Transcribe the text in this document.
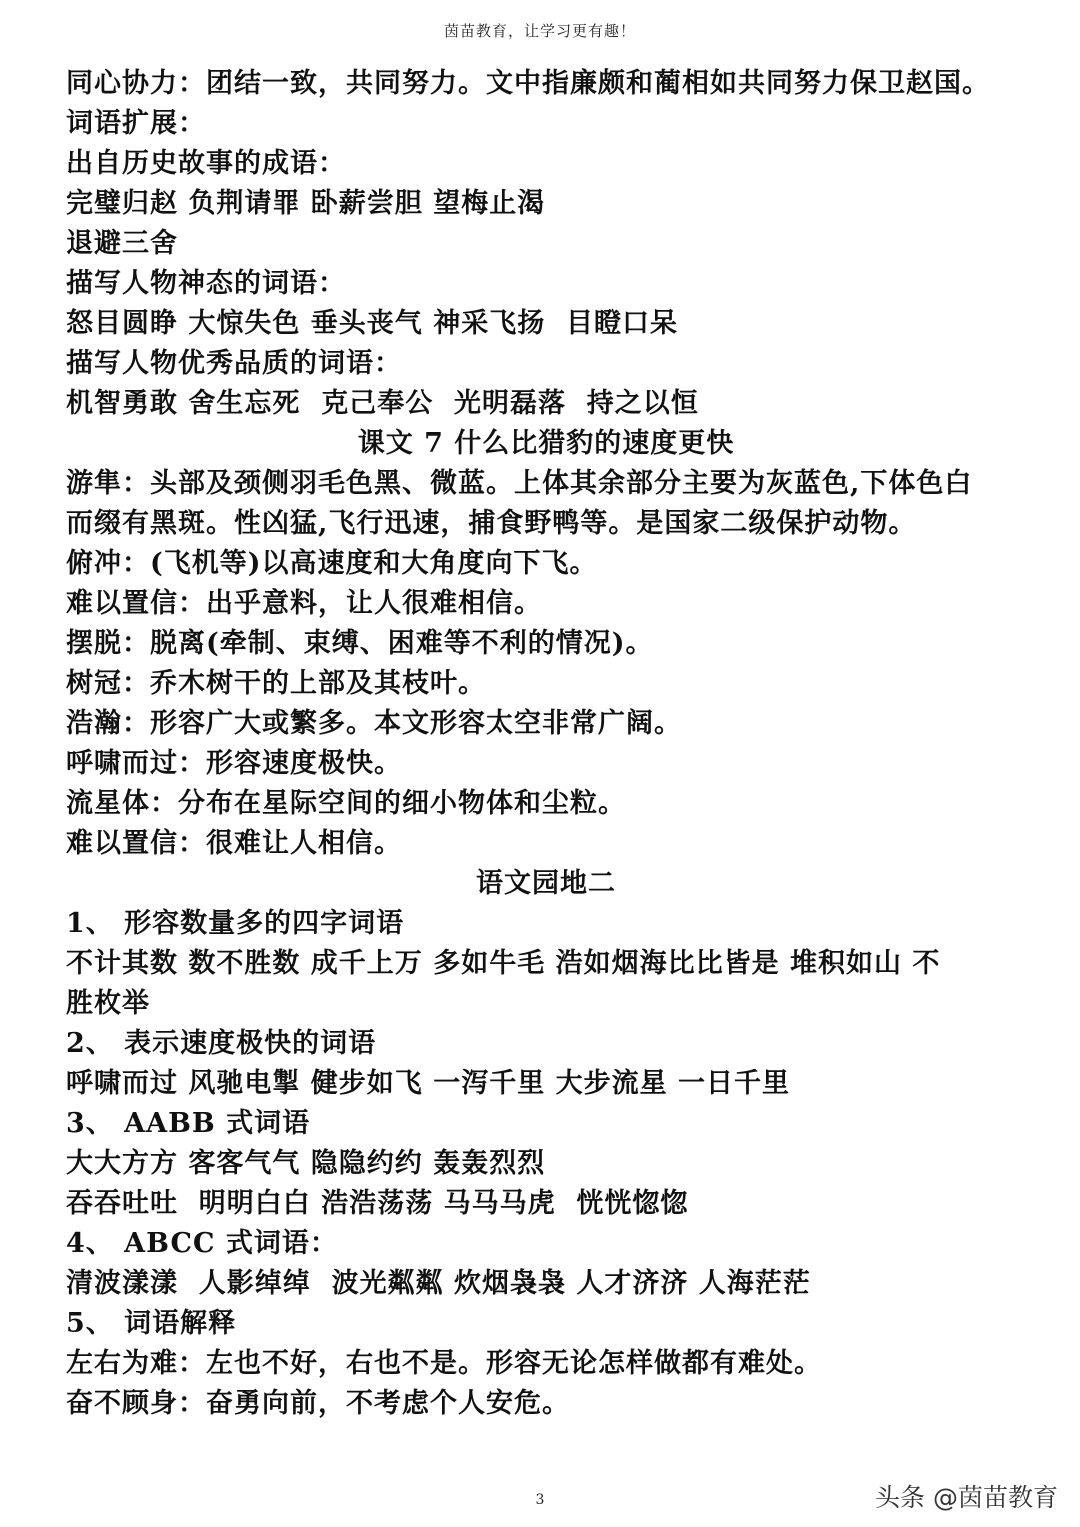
茵苗教育，让学习更有趣！

同心协力：团结一致，共同努力。文中指廉颇和蔺相如共同努力保卫赵国。

词语扩展：

出自历史故事的成语：

完璧归赵 负荆请罪 卧薪尝胆 望梅止渴

退避三舍

描写人物神态的词语：

怒目圆睁 大惊失色 垂头丧气 神采飞扬  目瞪口呆

描写人物优秀品质的词语：

机智勇敢 舍生忘死  克己奉公  光明磊落  持之以恒

课文 7 什么比猎豹的速度更快

游隼：头部及颈侧羽毛色黑、微蓝。上体其余部分主要为灰蓝色,下体色白

而缀有黑斑。性凶猛,飞行迅速，捕食野鸭等。是国家二级保护动物。

俯冲：(飞机等)以高速度和大角度向下飞。

难以置信：出乎意料，让人很难相信。

摆脱：脱离(牵制、束缚、困难等不利的情况)。

树冠：乔木树干的上部及其枝叶。

浩瀚：形容广大或繁多。本文形容太空非常广阔。

呼啸而过：形容速度极快。

流星体：分布在星际空间的细小物体和尘粒。

难以置信：很难让人相信。

语文园地二

1、 形容数量多的四字词语

不计其数 数不胜数 成千上万 多如牛毛 浩如烟海比比皆是 堆积如山 不

胜枚举

2、 表示速度极快的词语

呼啸而过 风驰电掣 健步如飞 一泻千里 大步流星 一日千里

3、 AABB 式词语

大大方方 客客气气 隐隐约约 轰轰烈烈

吞吞吐吐  明明白白 浩浩荡荡 马马马虎  恍恍惚惚

4、 ABCC 式词语：

清波漾漾  人影绰绰  波光粼粼 炊烟袅袅 人才济济 人海茫茫

5、 词语解释

左右为难：左也不好，右也不是。形容无论怎样做都有难处。

奋不顾身：奋勇向前，不考虑个人安危。

3	头条 @茵苗教育
